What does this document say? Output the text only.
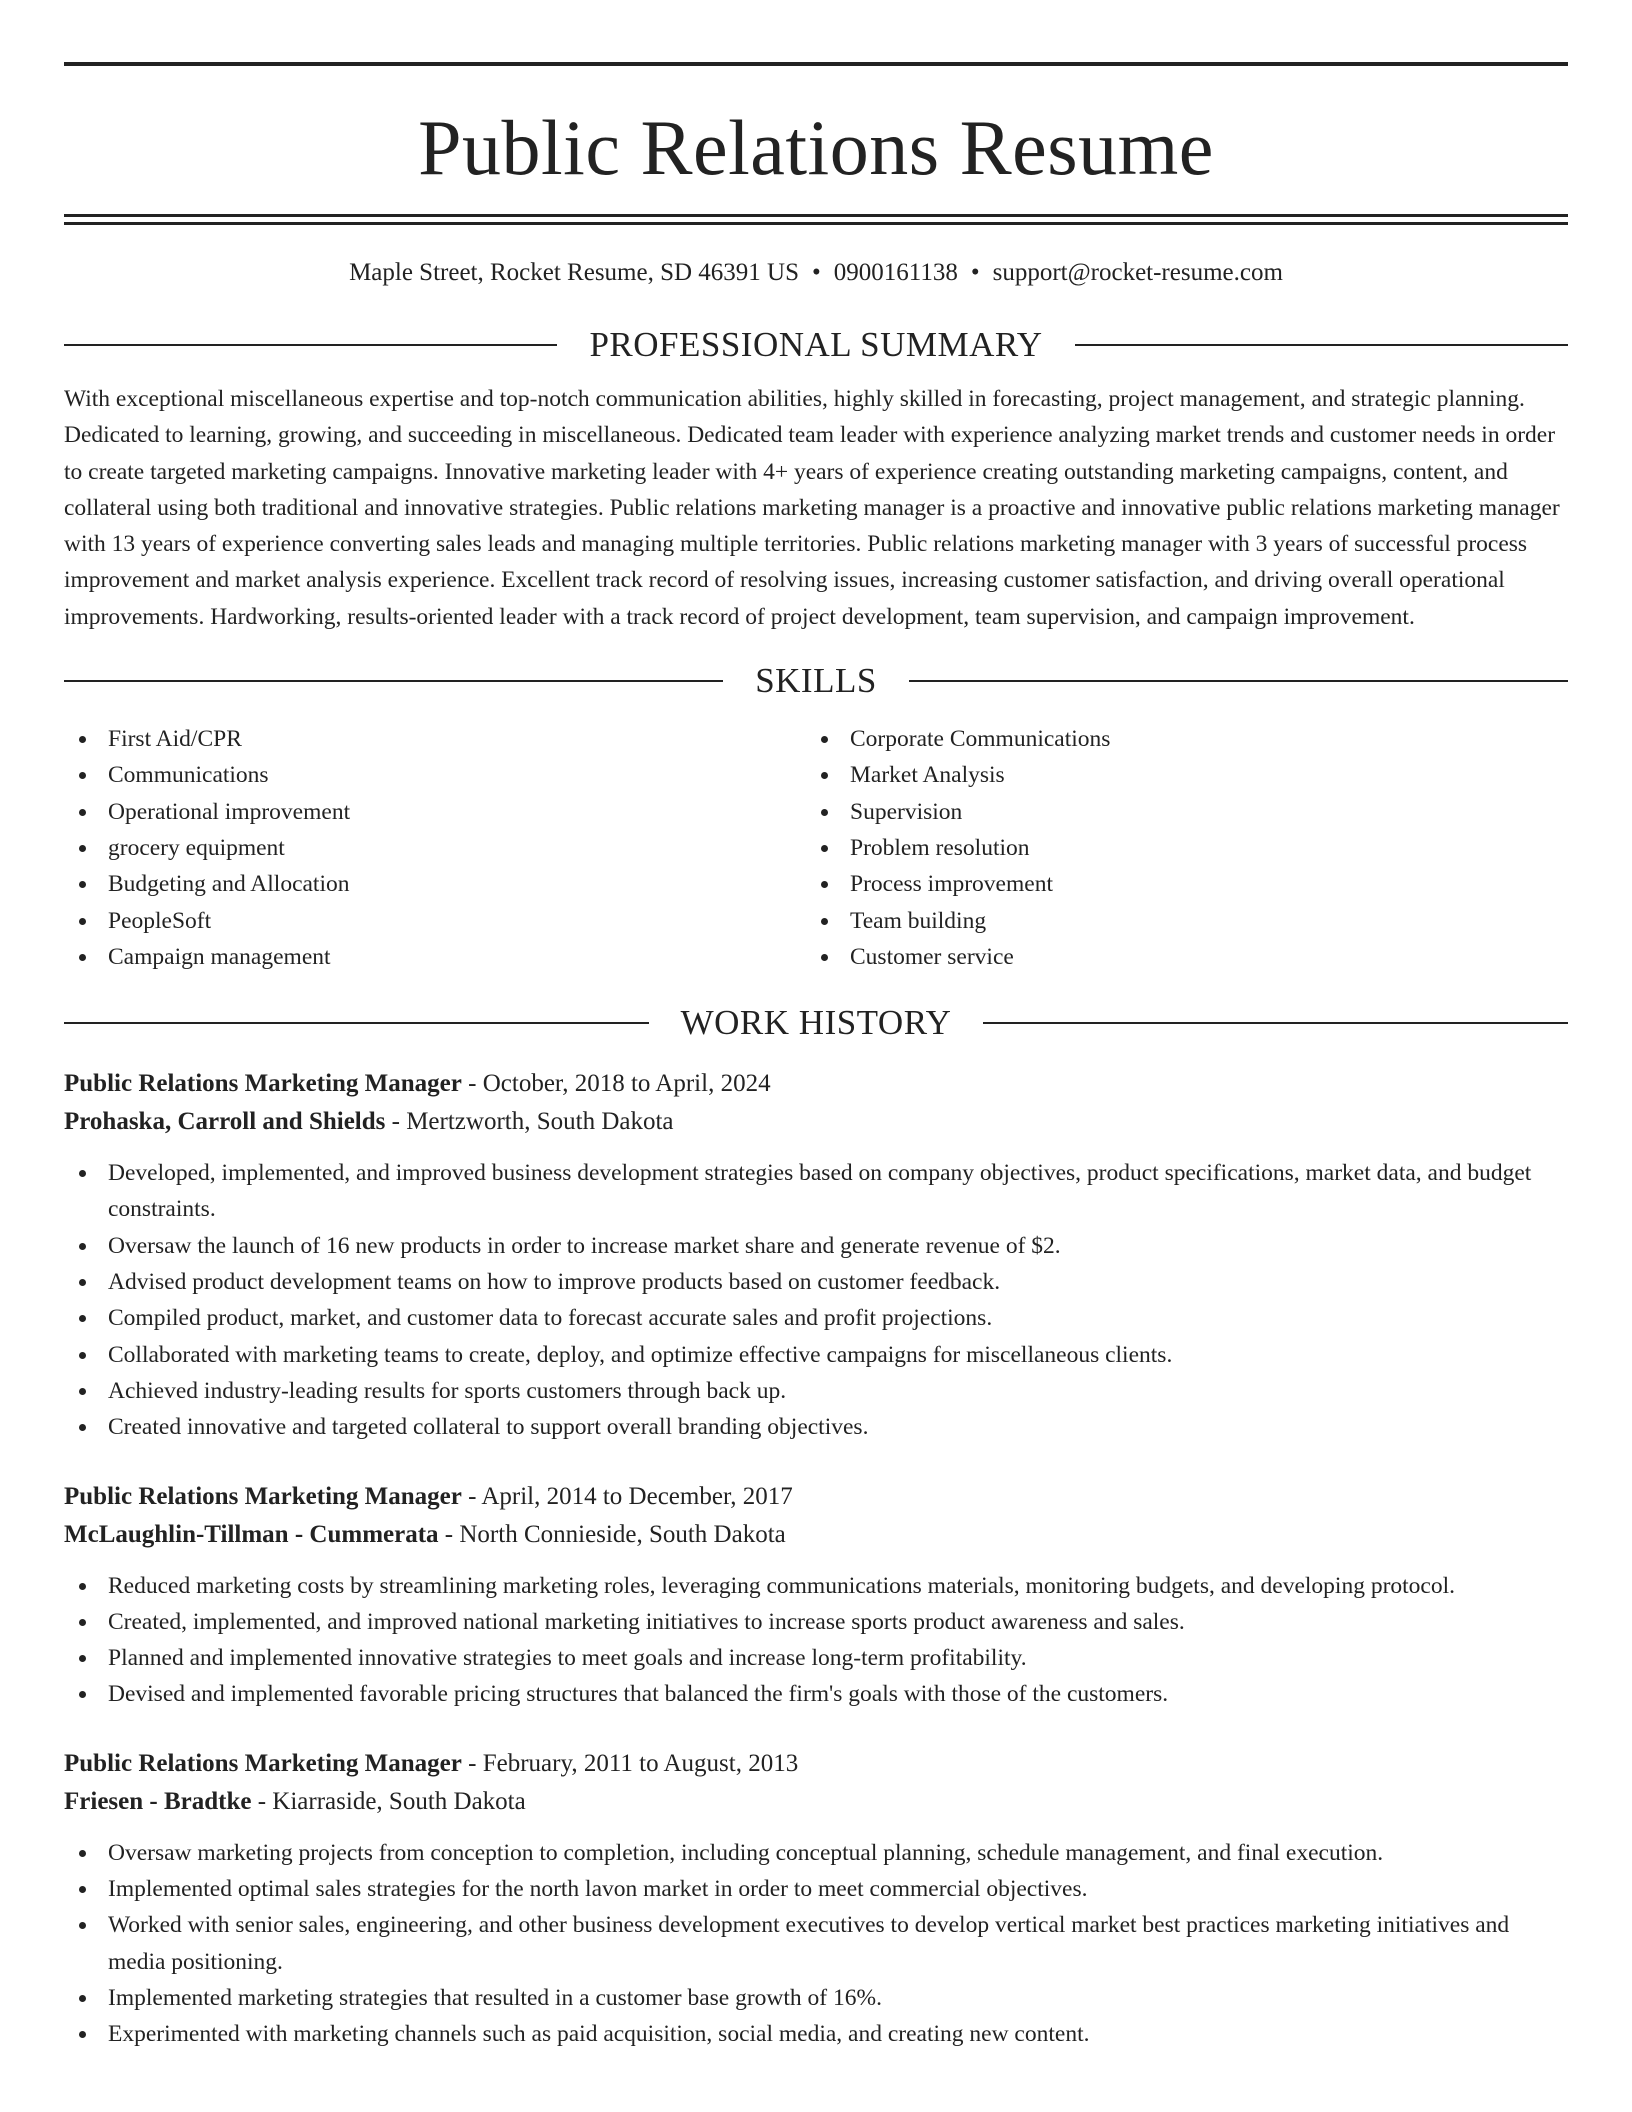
Public Relations Resume
Maple Street, Rocket Resume, SD 46391 US • 0900161138 • support@rocket-resume.com
PROFESSIONAL SUMMARY

With exceptional miscellaneous expertise and top-notch communication abilities, highly skilled in forecasting, project management, and strategic planning. Dedicated to learning, growing, and succeeding in miscellaneous. Dedicated team leader with experience analyzing market trends and customer needs in order to create targeted marketing campaigns. Innovative marketing leader with 4+ years of experience creating outstanding marketing campaigns, content, and collateral using both traditional and innovative strategies. Public relations marketing manager is a proactive and innovative public relations marketing manager with 13 years of experience converting sales leads and managing multiple territories. Public relations marketing manager with 3 years of successful process improvement and market analysis experience. Excellent track record of resolving issues, increasing customer satisfaction, and driving overall operational improvements. Hardworking, results-oriented leader with a track record of project development, team supervision, and campaign improvement.

SKILLS
First Aid/CPR
Communications
Operational improvement
grocery equipment
Budgeting and Allocation
PeopleSoft
Campaign management
Corporate Communications
Market Analysis
Supervision
Problem resolution
Process improvement
Team building
Customer service
WORK HISTORY
Public Relations Marketing Manager - October, 2018 to April, 2024
Prohaska, Carroll and Shields - Mertzworth, South Dakota
Developed, implemented, and improved business development strategies based on company objectives, product specifications, market data, and budget constraints.
Oversaw the launch of 16 new products in order to increase market share and generate revenue of $2.
Advised product development teams on how to improve products based on customer feedback.
Compiled product, market, and customer data to forecast accurate sales and profit projections.
Collaborated with marketing teams to create, deploy, and optimize effective campaigns for miscellaneous clients.
Achieved industry-leading results for sports customers through back up.
Created innovative and targeted collateral to support overall branding objectives.
Public Relations Marketing Manager - April, 2014 to December, 2017
McLaughlin-Tillman - Cummerata - North Connieside, South Dakota
Reduced marketing costs by streamlining marketing roles, leveraging communications materials, monitoring budgets, and developing protocol.
Created, implemented, and improved national marketing initiatives to increase sports product awareness and sales.
Planned and implemented innovative strategies to meet goals and increase long-term profitability.
Devised and implemented favorable pricing structures that balanced the firm's goals with those of the customers.
Public Relations Marketing Manager - February, 2011 to August, 2013
Friesen - Bradtke - Kiarraside, South Dakota
Oversaw marketing projects from conception to completion, including conceptual planning, schedule management, and final execution.
Implemented optimal sales strategies for the north lavon market in order to meet commercial objectives.
Worked with senior sales, engineering, and other business development executives to develop vertical market best practices marketing initiatives and media positioning.
Implemented marketing strategies that resulted in a customer base growth of 16%.
Experimented with marketing channels such as paid acquisition, social media, and creating new content.
